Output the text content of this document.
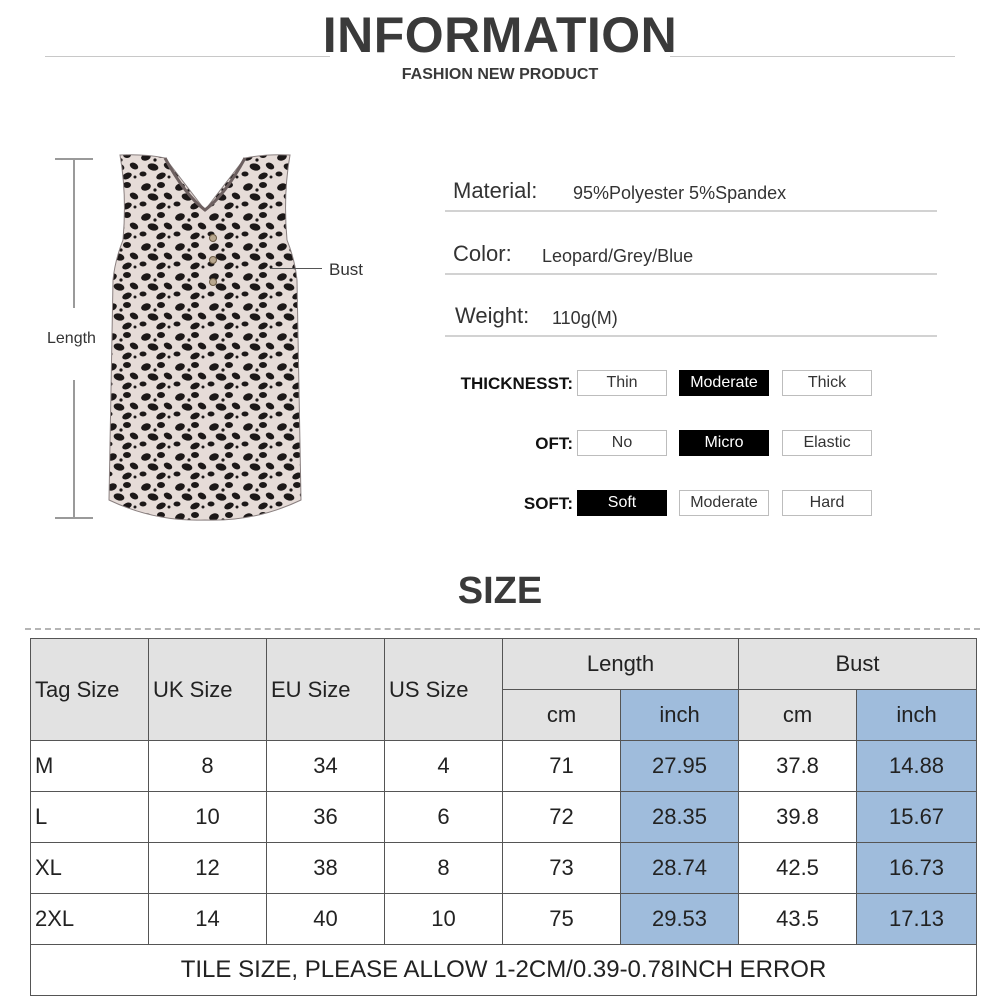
INFORMATION
FASHION NEW PRODUCT
Length
Bust
Material: 95%Polyester 5%Spandex
Color: Leopard/Grey/Blue
Weight: 110g(M)
THICKNESST:	Thin	Moderate	Thick
OFT:	No	Micro	Elastic
SOFT:	Soft	Moderate	Hard
SIZE
Tag Size	UK Size	EU Size	US Size	Length		Bust	
				cm	inch	cm	inch
M	8	34	4	71	27.95	37.8	14.88
L	10	36	6	72	28.35	39.8	15.67
XL	12	38	8	73	28.74	42.5	16.73
2XL	14	40	10	75	29.53	43.5	17.13
TILE SIZE, PLEASE ALLOW 1-2CM/0.39-0.78INCH ERROR							
